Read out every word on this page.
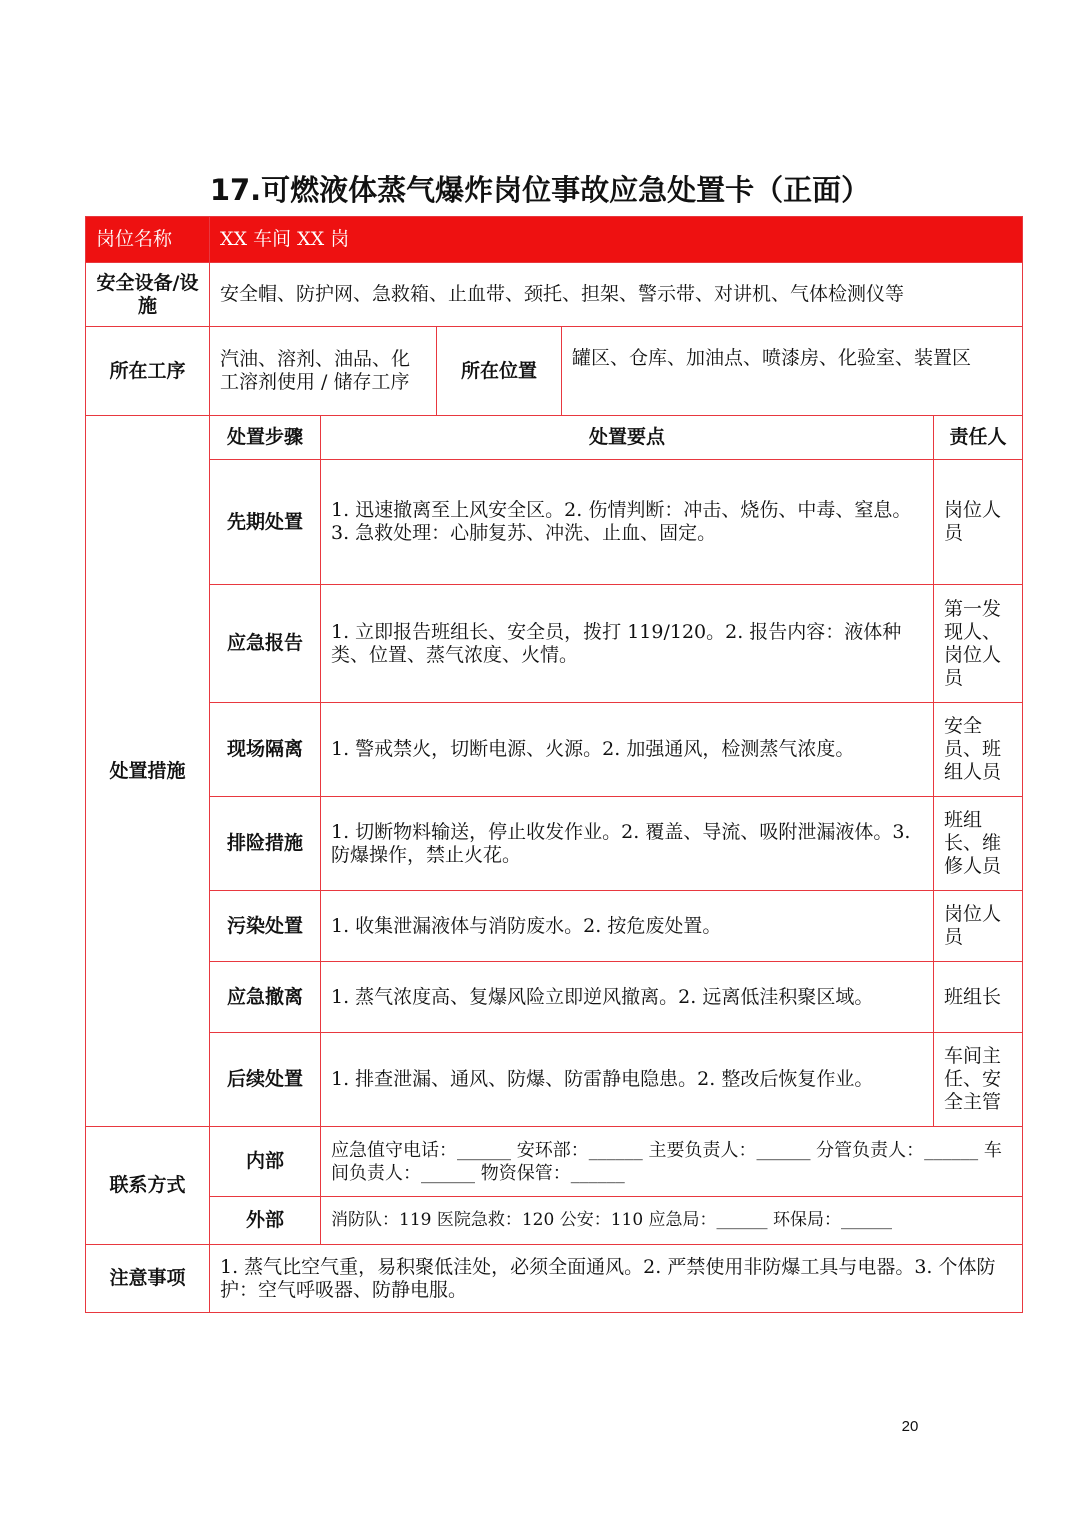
17.可燃液体蒸气爆炸岗位事故应急处置卡（正面）
岗位名称	XX 车间 XX 岗				
安全设备/设施	安全帽、防护网、急救箱、止血带、颈托、担架、警示带、对讲机、气体检测仪等				
所在工序	汽油、溶剂、油品、化工溶剂使用 / 储存工序		所在位置	罐区、仓库、加油点、喷漆房、化验室、装置区	
处置措施	处置步骤	处置要点			责任人
	先期处置	1. 迅速撤离至上风安全区。2. 伤情判断：冲击、烧伤、中毒、窒息。3. 急救处理：心肺复苏、冲洗、止血、固定。			岗位人员
	应急报告	1. 立即报告班组长、安全员，拨打 119/120。2. 报告内容：液体种类、位置、蒸气浓度、火情。			第一发现人、岗位人员
	现场隔离	1. 警戒禁火，切断电源、火源。2. 加强通风，检测蒸气浓度。			安全员、班组人员
	排险措施	1. 切断物料输送，停止收发作业。2. 覆盖、导流、吸附泄漏液体。3. 防爆操作，禁止火花。			班组长、维修人员
	污染处置	1. 收集泄漏液体与消防废水。2. 按危废处置。			岗位人员
	应急撤离	1. 蒸气浓度高、复爆风险立即逆风撤离。2. 远离低洼积聚区域。			班组长
	后续处置	1. 排查泄漏、通风、防爆、防雷静电隐患。2. 整改后恢复作业。			车间主任、安全主管
联系方式	内部	应急值守电话：______ 安环部：______ 主要负责人：______ 分管负责人：______ 车间负责人：______ 物资保管：______			
	外部	消防队：119 医院急救：120 公安：110 应急局：______ 环保局：______			
注意事项	1. 蒸气比空气重，易积聚低洼处，必须全面通风。2. 严禁使用非防爆工具与电器。3. 个体防护：空气呼吸器、防静电服。				
20
